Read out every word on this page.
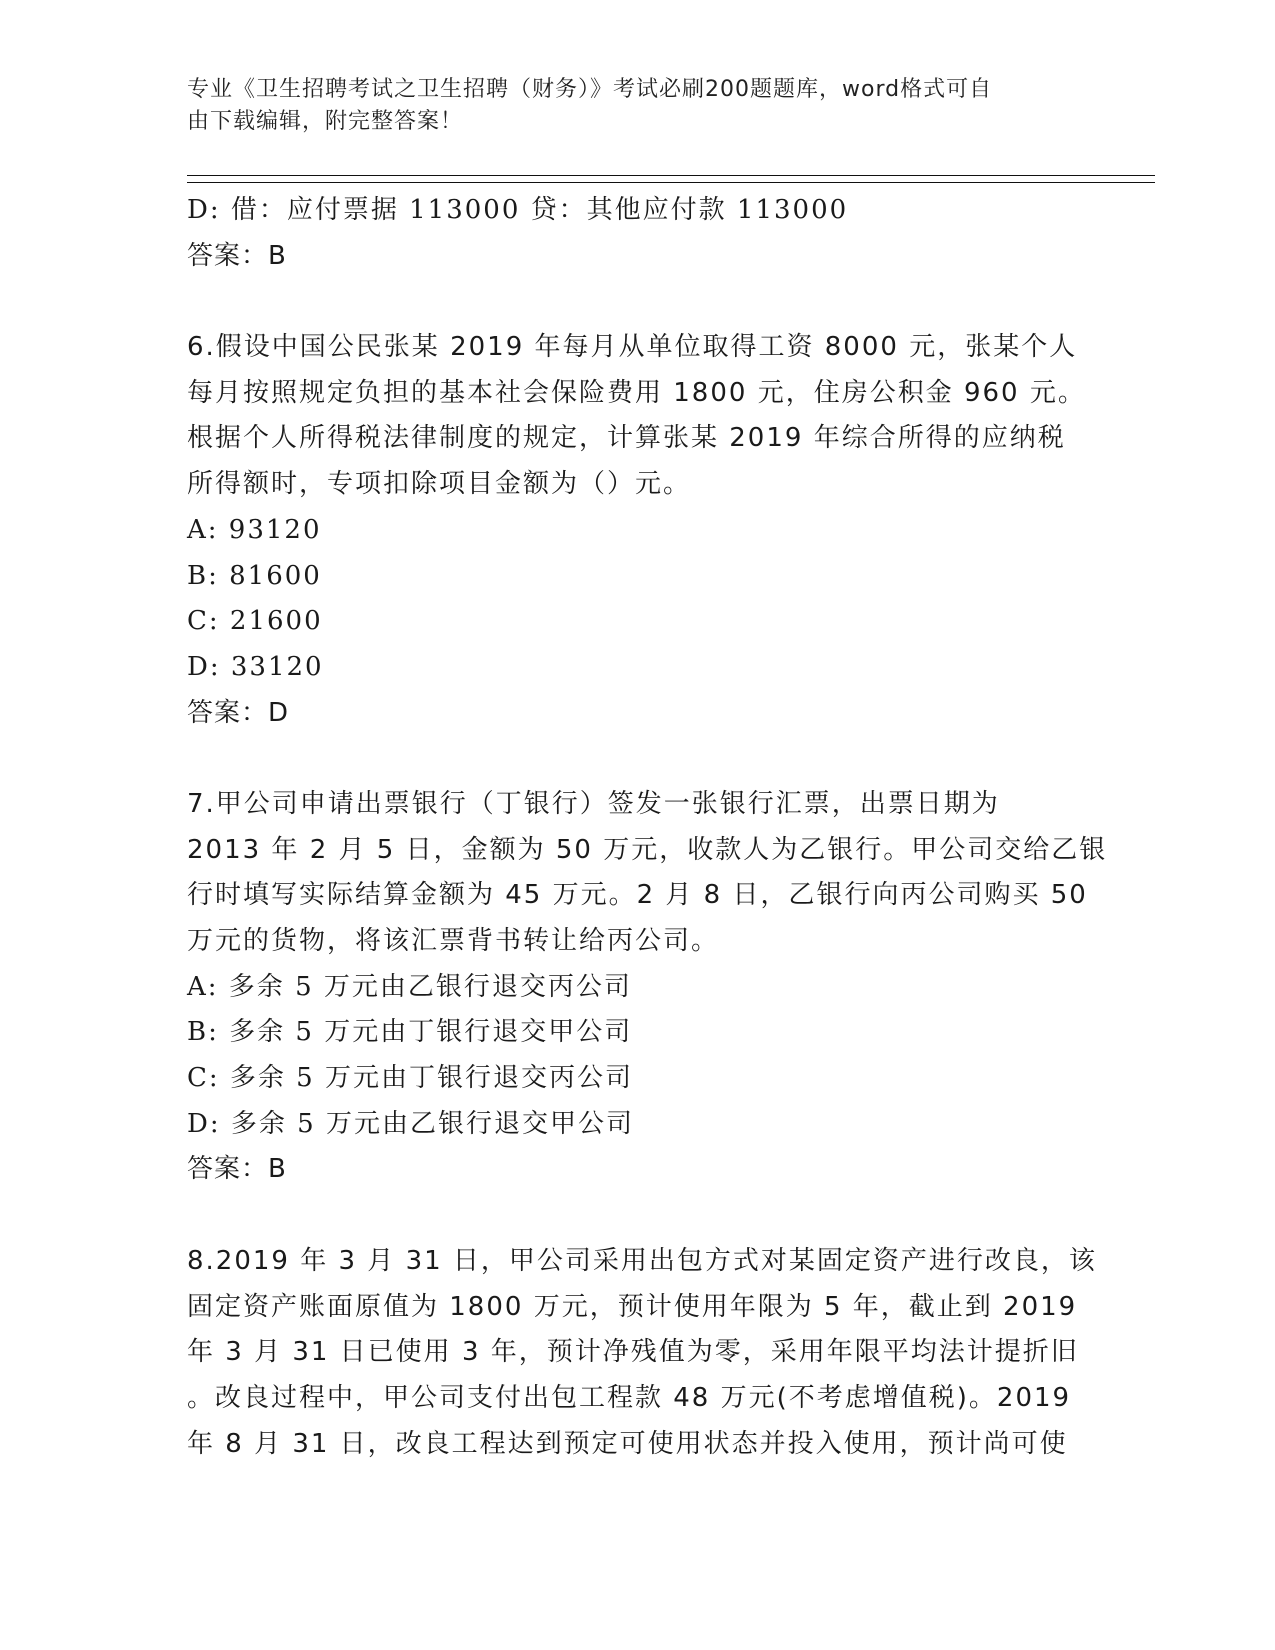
专业《卫生招聘考试之卫生招聘（财务）》考试必刷200题题库，word格式可自
由下载编辑，附完整答案！
D: 借：应付票据 113000 贷：其他应付款 113000
答案：B
6.假设中国公民张某 2019 年每月从单位取得工资 8000 元，张某个人
每月按照规定负担的基本社会保险费用 1800 元，住房公积金 960 元。
根据个人所得税法律制度的规定，计算张某 2019 年综合所得的应纳税
所得额时，专项扣除项目金额为（）元。
A: 93120
B: 81600
C: 21600
D: 33120
答案：D
7.甲公司申请出票银行（丁银行）签发一张银行汇票，出票日期为
2013 年 2 月 5 日，金额为 50 万元，收款人为乙银行。甲公司交给乙银
行时填写实际结算金额为 45 万元。2 月 8 日，乙银行向丙公司购买 50
万元的货物，将该汇票背书转让给丙公司。
A: 多余 5 万元由乙银行退交丙公司
B: 多余 5 万元由丁银行退交甲公司
C: 多余 5 万元由丁银行退交丙公司
D: 多余 5 万元由乙银行退交甲公司
答案：B
8.2019 年 3 月 31 日，甲公司采用出包方式对某固定资产进行改良，该
固定资产账面原值为 1800 万元，预计使用年限为 5 年，截止到 2019
年 3 月 31 日已使用 3 年，预计净残值为零，采用年限平均法计提折旧
。改良过程中，甲公司支付出包工程款 48 万元(不考虑增值税)。2019
年 8 月 31 日，改良工程达到预定可使用状态并投入使用，预计尚可使
